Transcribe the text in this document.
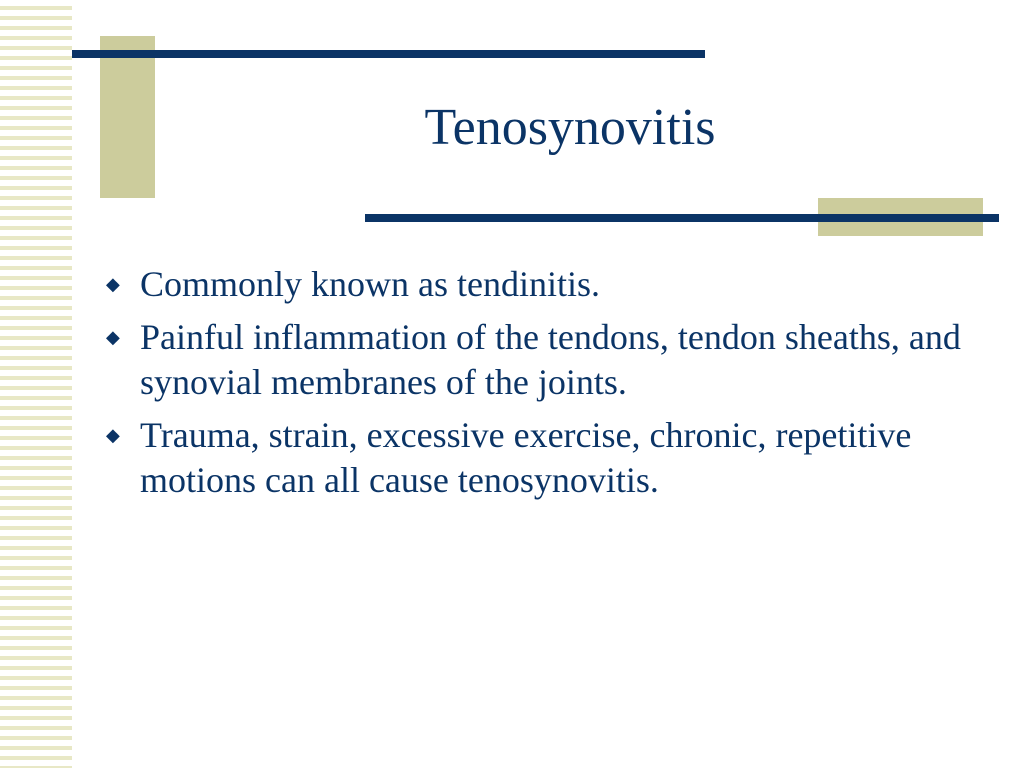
Tenosynovitis
◆ Commonly known as tendinitis.
◆ Painful inflammation of the tendons, tendon sheaths, and synovial membranes of the joints.
◆ Trauma, strain, excessive exercise, chronic, repetitive motions can all cause tenosynovitis.
